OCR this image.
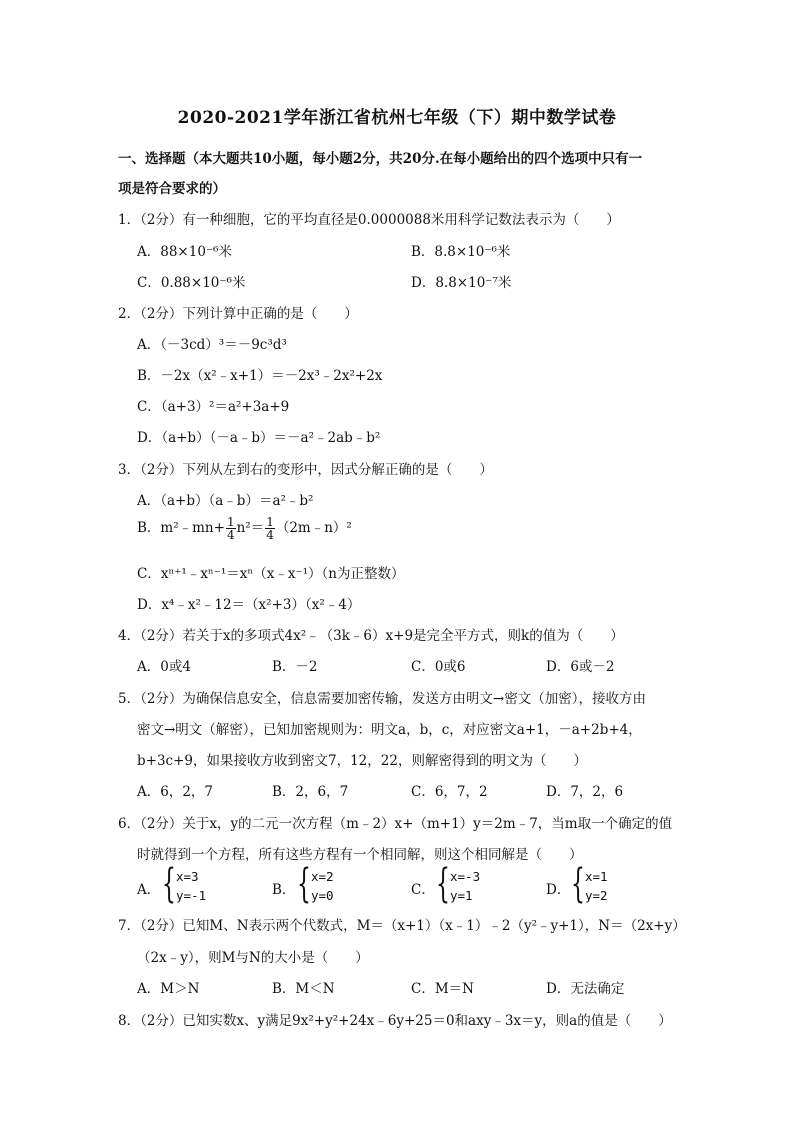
2020-2021学年浙江省杭州七年级（下）期中数学试卷
一、选择题（本大题共10小题，每小题2分，共20分.在每小题给出的四个选项中只有一
项是符合要求的）
1．（2分）有一种细胞，它的平均直径是0.0000088米用科学记数法表示为（　　）
A．88×10⁻⁶米	B．8.8×10⁻⁶米
C．0.88×10⁻⁶米	D．8.8×10⁻⁷米
2．（2分）下列计算中正确的是（　　）
A．（－3cd）³＝－9c³d³
B．－2x（x²﹣x+1）＝－2x³﹣2x²+2x
C．（a+3）²＝a²+3a+9
D．（a+b）（－a﹣b）＝－a²﹣2ab﹣b²
3．（2分）下列从左到右的变形中，因式分解正确的是（　　）
A．（a+b）（a﹣b）＝a²﹣b²
B．m²﹣mn+ $\frac{1}{4} n^2= \frac{1}{4}$ （2m﹣n）²
C．xⁿ⁺¹﹣xⁿ⁻¹＝xⁿ（x﹣x⁻¹）（n为正整数）
D．x⁴﹣x²﹣12＝（x²+3）（x²﹣4）
4．（2分）若关于x的多项式4x²﹣（3k﹣6）x+9是完全平方式，则k的值为（　　）
A．0或4	B．－2	C．0或6	D．6或－2
5．（2分）为确保信息安全，信息需要加密传输，发送方由明文→密文（加密），接收方由
密文→明文（解密），已知加密规则为：明文a，b，c，对应密文a+1，－a+2b+4，
b+3c+9，如果接收方收到密文7，12，22，则解密得到的明文为（　　）
A．6，2，7	B．2，6，7	C．6，7，2	D．7，2，6
6．（2分）关于x，y的二元一次方程（m﹣2）x+（m+1）y＝2m﹣7，当m取一个确定的值
时就得到一个方程，所有这些方程有一个相同解，则这个相同解是（　　）
A． { x=3
y=-1	B． { x=2
y=0	C． { x=-3
y=1	D． { x=1
y=2
7．（2分）已知M、N表示两个代数式，M＝（x+1）（x﹣1）﹣2（y²﹣y+1），N＝（2x+y）
（2x﹣y），则M与N的大小是（　　）
A．M＞N	B．M＜N	C．M＝N	D．无法确定
8．（2分）已知实数x、y满足9x²+y²+24x﹣6y+25＝0和axy﹣3x＝y，则a的值是（　　）
